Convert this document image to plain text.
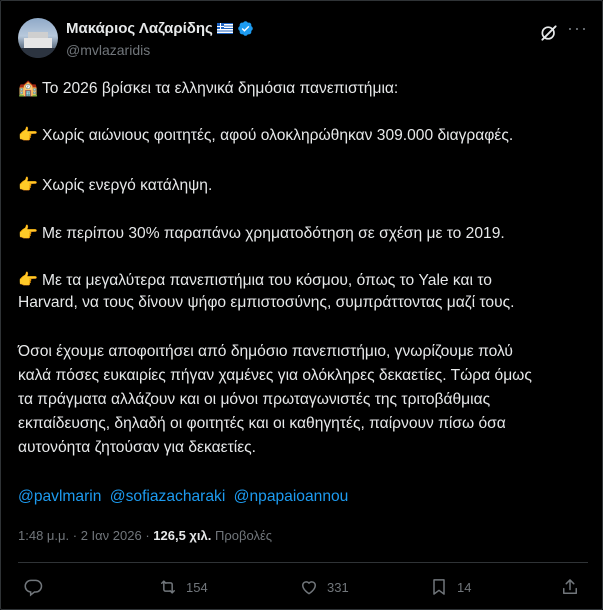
Μακάριος Λαζαρίδης
@mvlazaridis
···
🏫 Το 2026 βρίσκει τα ελληνικά δημόσια πανεπιστήμια:
👉 Χωρίς αιώνιους φοιτητές, αφού ολοκληρώθηκαν 309.000 διαγραφές.
👉 Χωρίς ενεργό κατάληψη.
👉 Με περίπου 30% παραπάνω χρηματοδότηση σε σχέση με το 2019.
👉 Με τα μεγαλύτερα πανεπιστήμια του κόσμου, όπως το Yale και το
Harvard, να τους δίνουν ψήφο εμπιστοσύνης, συμπράττοντας μαζί τους.
Όσοι έχουμε αποφοιτήσει από δημόσιο πανεπιστήμιο, γνωρίζουμε πολύ
καλά πόσες ευκαιρίες πήγαν χαμένες για ολόκληρες δεκαετίες. Τώρα όμως
τα πράγματα αλλάζουν και οι μόνοι πρωταγωνιστές της τριτοβάθμιας
εκπαίδευσης, δηλαδή οι φοιτητές και οι καθηγητές, παίρνουν πίσω όσα
αυτονόητα ζητούσαν για δεκαετίες.
@pavlmarin @sofiazacharaki @npapaioannou
1:48 μ.μ. · 2 Ιαν 2026 · 126,5 χιλ. Προβολές
154	331	14
